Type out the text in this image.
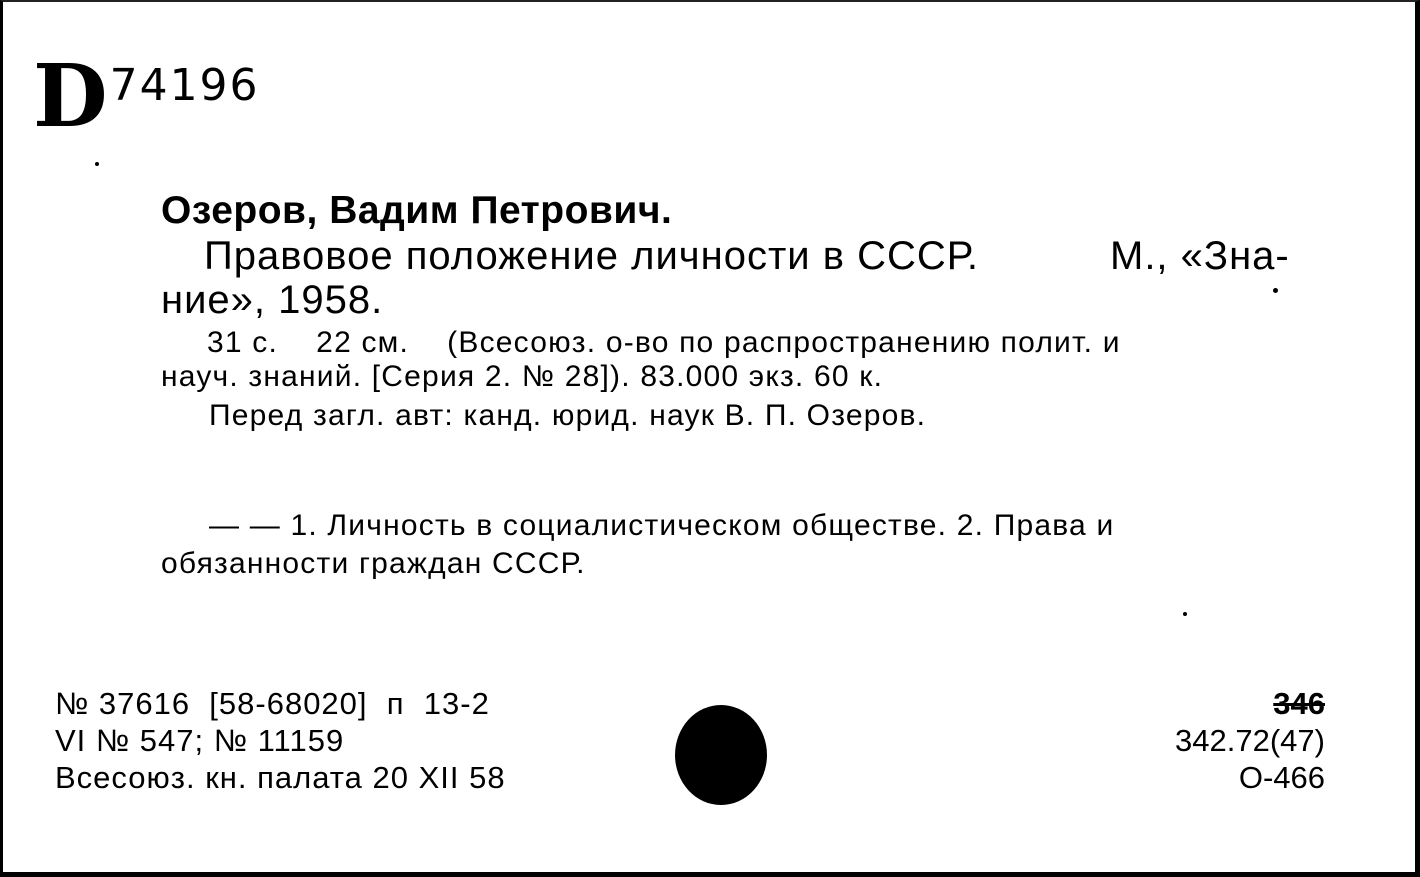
D 74196
Озеров, Вадим Петрович.
Правовое положение личности в СССР.	М., «Зна-
ние», 1958.
31 с.    22 см.    (Всесоюз. о-во по распространению полит. и
науч. знаний. [Серия 2. № 28]). 83.000 экз. 60 к.
Перед загл. авт: канд. юрид. наук В. П. Озеров.
— — 1. Личность в социалистическом обществе. 2. Права и
обязанности граждан СССР.
№ 37616  [58-68020]  п  13-2
VI № 547; № 11159
Всесоюз. кн. палата 20 XII 58
346
342.72(47)
О-466
